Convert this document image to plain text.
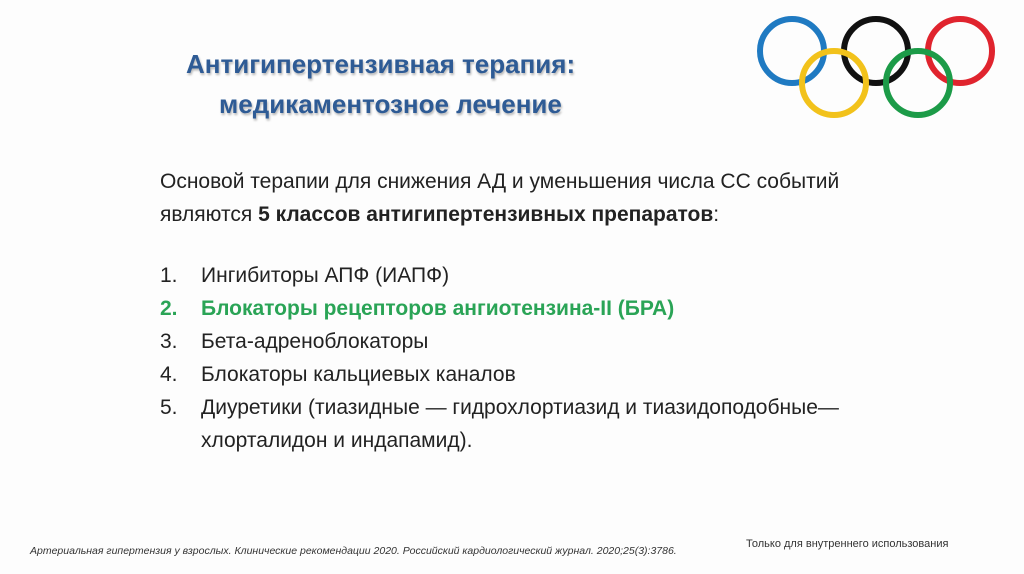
Антигипертензивная терапия:
медикаментозное лечение

Основой терапии для снижения АД и уменьшения числа СС событий являются 5 классов антигипертензивных препаратов:

1.	Ингибиторы АПФ (ИАПФ)
2.	Блокаторы рецепторов ангиотензина-II (БРА)
3.	Бета-адреноблокаторы
4.	Блокаторы кальциевых каналов
5.	Диуретики (тиазидные — гидрохлортиазид и тиазидоподобные— хлорталидон и индапамид).
Только для внутреннего использования
Артериальная гипертензия у взрослых. Клинические рекомендации 2020. Российский кардиологический журнал. 2020;25(3):3786.
